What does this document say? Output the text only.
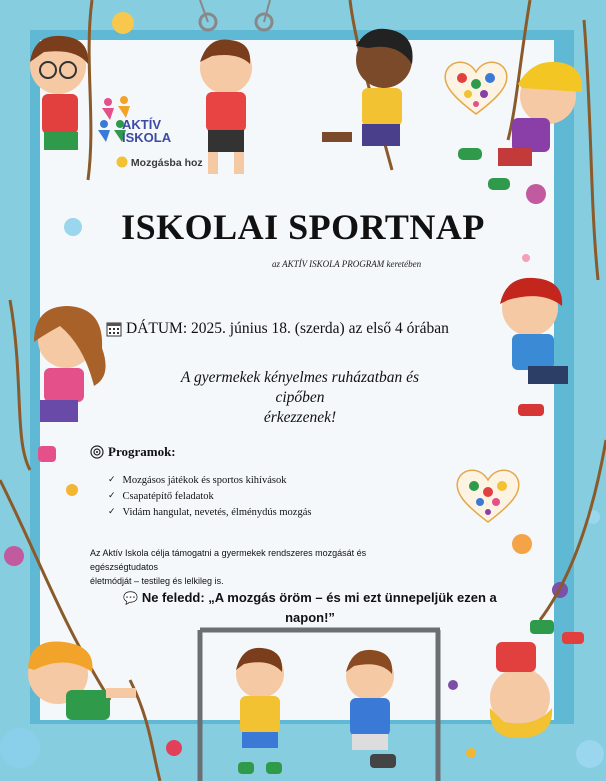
AKTÍV
ISKOLA
Mozgásba hoz
ISKOLAI SPORTNAP
az AKTÍV ISKOLA PROGRAM keretében
DÁTUM: 2025. június 18. (szerda) az első 4 órában
A gyermekek kényelmes ruházatban és cipőben
érkezzenek!
Programok:
✓ Mozgásos játékok és sportos kihívások
✓ Csapatépítő feladatok
✓ Vidám hangulat, nevetés, élménydús mozgás
Az Aktív Iskola célja támogatni a gyermekek rendszeres mozgását és egészségtudatos
életmódját – testileg és lelkileg is.
💬 Ne feledd: „A mozgás öröm – és mi ezt ünnepeljük ezen a
napon!”
